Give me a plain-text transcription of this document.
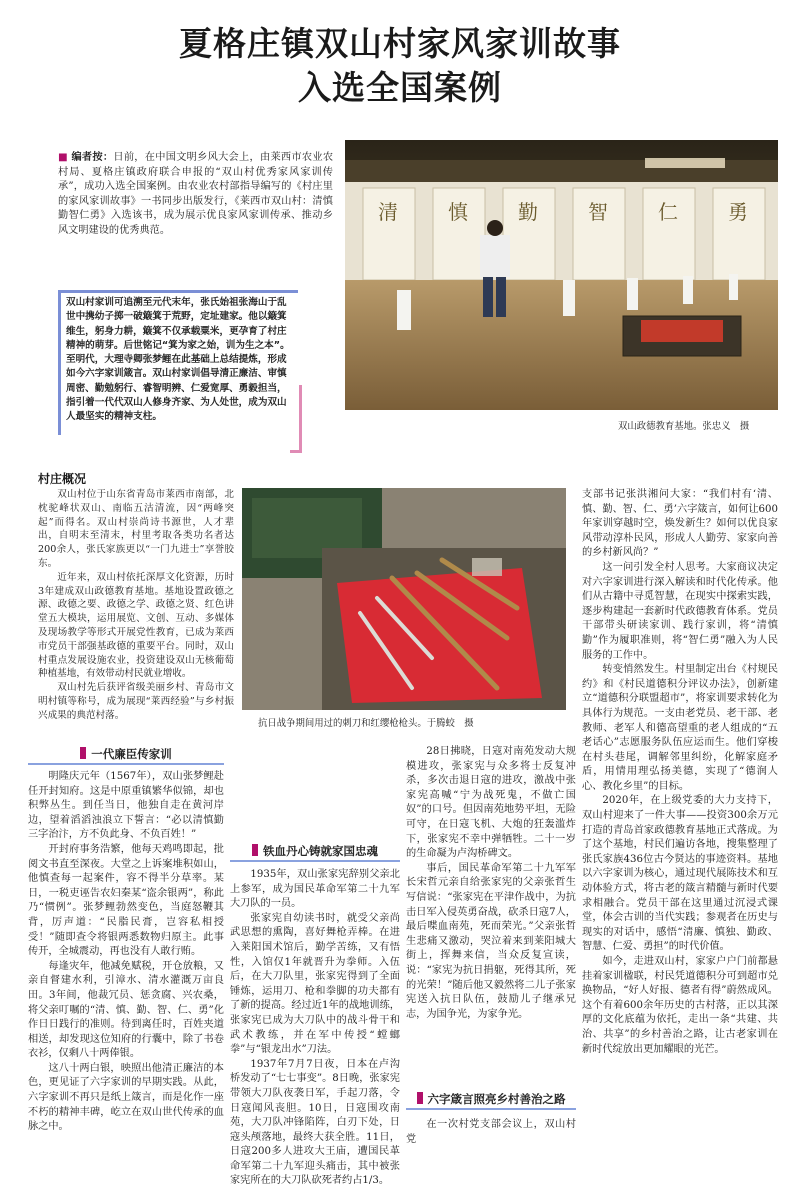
夏格庄镇双山村家风家训故事
入选全国案例
■ 编者按：日前，在中国文明乡风大会上，由莱西市农业农村局、夏格庄镇政府联合申报的“双山村优秀家风家训传承”，成功入选全国案例。由农业农村部指导编写的《村庄里的家风家训故事》一书同步出版发行，《莱西市双山村：清慎勤智仁勇》入选该书，成为展示优良家风家训传承、推动乡风文明建设的优秀典范。
双山村家训可追溯至元代末年，张氏始祖张海山于乱世中携幼子掷一破簸箕于荒野，定址建家。他以簸箕维生，躬身力耕，簸箕不仅承载粟米，更孕育了村庄精神的萌芽。后世铭记“箕为家之始，训为生之本”。至明代，大理寺卿张梦鲤在此基础上总结提炼，形成如今六字家训箴言。双山村家训倡导清正廉洁、审慎周密、勤勉躬行、睿智明辨、仁爱宽厚、勇毅担当，指引着一代代双山人修身齐家、为人处世，成为双山人最坚实的精神支柱。
清	慎	勤	智	仁	勇
双山政德教育基地。张忠义　摄
村庄概况

双山村位于山东省青岛市莱西市南部，北枕驼峰状双山、南临五沽清流，因“两峰突起”而得名。双山村崇尚诗书源世，人才辈出，自明末至清末，村里考取各类功名者达200余人，张氏家族更以“一门九进士”享誉胶东。

近年来，双山村依托深厚文化资源，历时3年建成双山政德教育基地。基地设置政德之源、政德之要、政德之学、政德之贤、红色讲堂五大模块，运用展览、文创、互动、多媒体及现场教学等形式开展党性教育，已成为莱西市党员干部强基政德的重要平台。同时，双山村重点发展设施农业，投资建设双山无核葡萄种植基地，有效带动村民就业增收。

双山村先后获评省级美丽乡村、青岛市文明村镇等称号，成为展现“莱西经验”与乡村振兴成果的典范村落。

抗日战争期间用过的刺刀和红缨枪枪头。于腾蛟　摄

支部书记张洪湘问大家：“我们村有‘清、慎、勤、智、仁、勇’六字箴言，如何让600年家训穿越时空，焕发新生？如何以优良家风带动淳朴民风，形成人人勤劳、家家向善的乡村新风尚？”

这一问引发全村人思考。大家商议决定对六字家训进行深入解读和时代化传承。他们从古籍中寻觅智慧，在现实中探索实践，逐步构建起一套新时代政德教育体系。党员干部带头研读家训、践行家训，将“清慎勤”作为履职准则，将“智仁勇”融入为人民服务的工作中。

转变悄然发生。村里制定出台《村规民约》和《村民道德积分评议办法》，创新建立“道德积分联盟超市”，将家训要求转化为具体行为规范。一支由老党员、老干部、老教师、老军人和德高望重的老人组成的“五老话心”志愿服务队伍应运而生。他们穿梭在村头巷尾，调解邻里纠纷，化解家庭矛盾，用情用理弘扬美德，实现了“德润人心、教化乡里”的目标。

2020年，在上级党委的大力支持下，双山村迎来了一件大事——投资300余万元打造的青岛首家政德教育基地正式落成。为了这个基地，村民们遍访各地，搜集整理了张氏家族436位古今贤达的事迹资料。基地以六字家训为核心，通过现代展陈技术和互动体验方式，将古老的箴言精髓与新时代要求相融合。党员干部在这里通过沉浸式课堂，体会古训的当代实践；参观者在历史与现实的对话中，感悟“清廉、慎独、勤政、智慧、仁爱、勇担”的时代价值。

如今，走进双山村，家家户户门前都悬挂着家训楹联，村民凭道德积分可到超市兑换物品，“好人好报、德者有得”蔚然成风。这个有着600余年历史的古村落，正以其深厚的文化底蕴为依托，走出一条“共建、共治、共享”的乡村善治之路，让古老家训在新时代绽放出更加耀眼的光芒。

一代廉臣传家训

明隆庆元年（1567年），双山张梦鲤赴任开封知府。这是中原重镇繁华似锦，却也积弊丛生。到任当日，他独自走在黄河岸边，望着滔滔浊浪立下誓言：“必以清慎勤三字治汴，方不负此身、不负百姓！”

开封府事务浩繁，他每天鸡鸣即起，批阅文书直至深夜。大堂之上诉案堆积如山，他慎查每一起案件，容不得半分草率。某日，一税吏诬告农妇秦某“盗余银两”，称此乃“惯例”。张梦鲤勃然变色，当庭怒鞭其背，厉声道：“民脂民膏，岂容私相授受！”随即查令将银两悉数物归原主。此事传开，全城震动，再也没有人敢行贿。

每逢灾年，他减免赋税，开仓放粮，又亲自督建水利，引漳水、清水灌溉万亩良田。3年间，他裁冗员、惩贪腐、兴农桑，将父亲叮嘱的“清、慎、勤、智、仁、勇”化作日日践行的准则。待到离任时，百姓夹道相送，却发现这位知府的行囊中，除了书卷衣衫，仅剩八十两俸银。

这八十两白银，映照出他清正廉洁的本色，更见证了六字家训的早期实践。从此，六字家训不再只是纸上箴言，而是化作一座不朽的精神丰碑，屹立在双山世代传承的血脉之中。

铁血丹心铸就家国忠魂

1935年，双山张家宪辞别父亲北上参军，成为国民革命军第二十九军大刀队的一员。

张家宪自幼读书时，就受父亲尚武思想的熏陶，喜好舞枪弄棒。在进入莱阳国术馆后，勤学苦练，又有悟性，入馆仅1年就晋升为拳师。入伍后，在大刀队里，张家宪得到了全面锤炼，运用刀、枪和拳脚的功夫都有了新的提高。经过近1年的战地训练，张家宪已成为大刀队中的战斗骨干和武术教练，并在军中传授“螳螂拳”与“银龙出水”刀法。

1937年7月7日夜，日本在卢沟桥发动了“七七事变”。8日晚，张家宪带领大刀队夜袭日军，手起刀落，令日寇闻风丧胆。10日，日寇围攻南苑，大刀队冲锋陷阵，白刃下处，日寇头颅落地，最终大获全胜。11日，日寇200多人进攻大王庙，遭国民革命军第二十九军迎头痛击，其中被张家宪所在的大刀队砍死者约占1/3。

28日拂晓，日寇对南苑发动大规模进攻，张家宪与众多将士反复冲杀，多次击退日寇的进攻，激战中张家宪高喊“宁为战死鬼，不做亡国奴”的口号。但因南苑地势平坦，无险可守，在日寇飞机、大炮的狂轰滥炸下，张家宪不幸中弹牺牲。二十一岁的生命凝为卢沟桥碑文。

事后，国民革命军第二十九军军长宋哲元亲自给张家宪的父亲张哲生写信说：“张家宪在平津作战中，为抗击日军入侵英勇奋战，砍杀日寇7人，最后喋血南苑，死而荣光。”父亲张哲生悲痛又激动，哭泣着来到莱阳城大街上，挥舞来信，当众反复宣读，说：“家宪为抗日捐躯，死得其所，死的光荣！”随后他又毅然将二儿子张家宪送入抗日队伍，鼓励儿子继承兄志，为国争光，为家争光。

六字箴言照亮乡村善治之路
在一次村党支部会议上，双山村党
